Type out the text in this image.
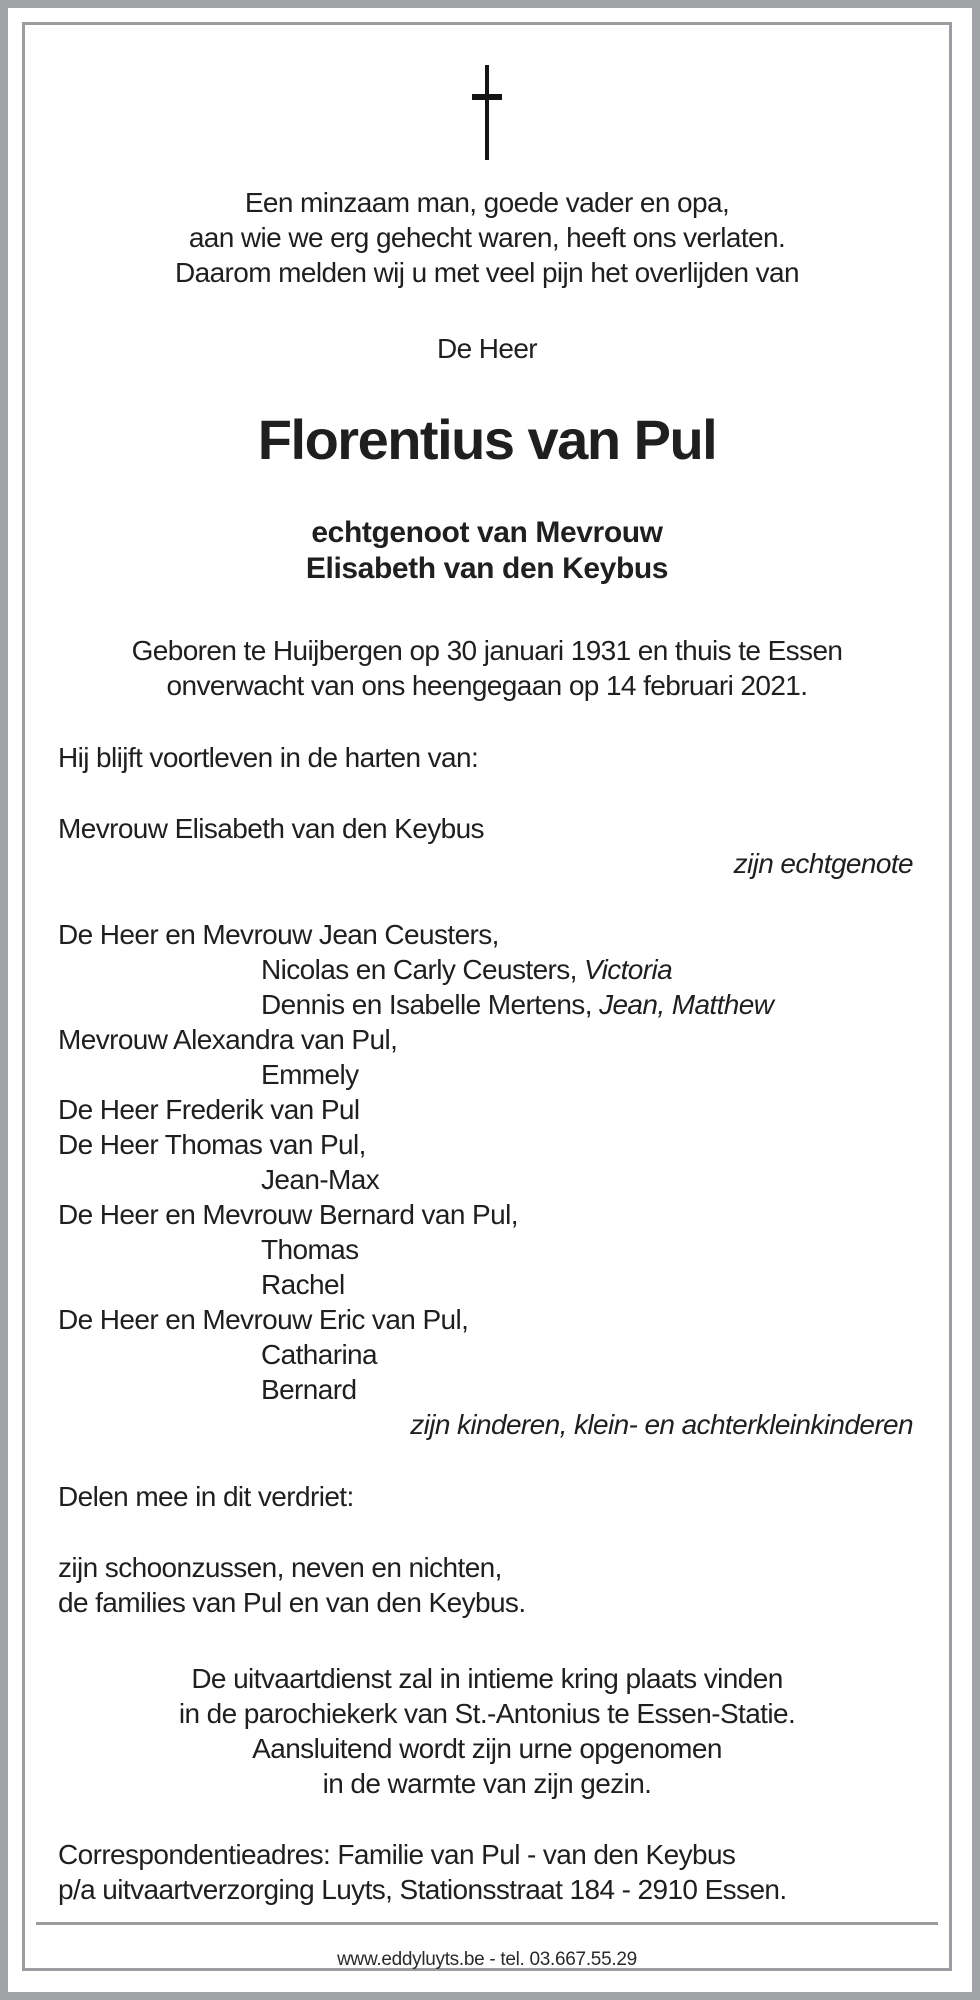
Een minzaam man, goede vader en opa,
aan wie we erg gehecht waren, heeft ons verlaten.
Daarom melden wij u met veel pijn het overlijden van
De Heer
Florentius van Pul
echtgenoot van Mevrouw
Elisabeth van den Keybus
Geboren te Huijbergen op 30 januari 1931 en thuis te Essen
onverwacht van ons heengegaan op 14 februari 2021.
Hij blijft voortleven in de harten van:
Mevrouw Elisabeth van den Keybus
zijn echtgenote
De Heer en Mevrouw Jean Ceusters,
Nicolas en Carly Ceusters, Victoria
Dennis en Isabelle Mertens, Jean, Matthew
Mevrouw Alexandra van Pul,
Emmely
De Heer Frederik van Pul
De Heer Thomas van Pul,
Jean-Max
De Heer en Mevrouw Bernard van Pul,
Thomas
Rachel
De Heer en Mevrouw Eric van Pul,
Catharina
Bernard
zijn kinderen, klein- en achterkleinkinderen
Delen mee in dit verdriet:
zijn schoonzussen, neven en nichten,
de families van Pul en van den Keybus.
De uitvaartdienst zal in intieme kring plaats vinden
in de parochiekerk van St.-Antonius te Essen-Statie.
Aansluitend wordt zijn urne opgenomen
in de warmte van zijn gezin.
Correspondentieadres: Familie van Pul - van den Keybus
p/a uitvaartverzorging Luyts, Stationsstraat 184 - 2910 Essen.
www.eddyluyts.be - tel. 03.667.55.29
